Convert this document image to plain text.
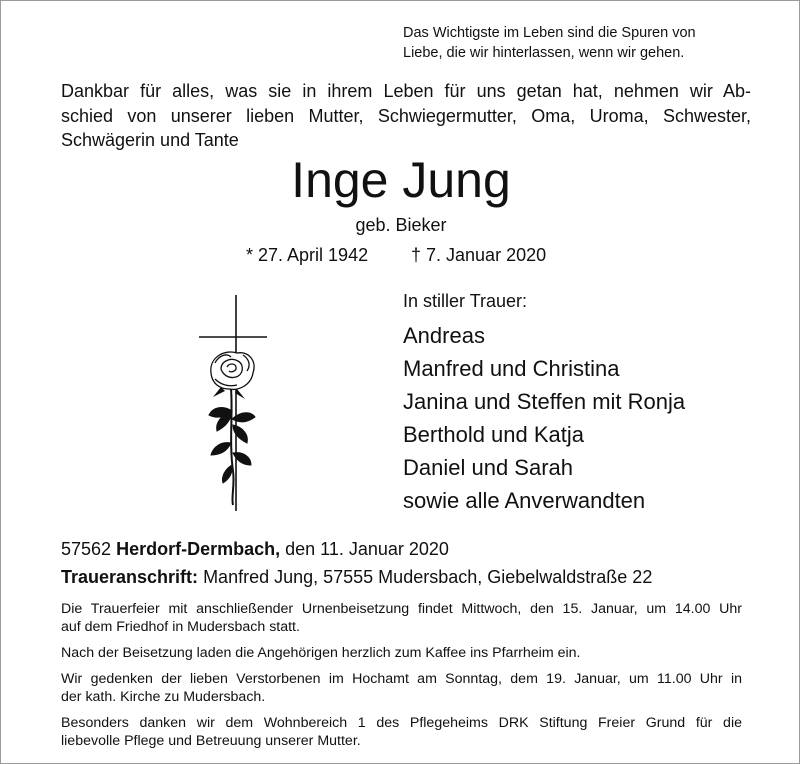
Das Wichtigste im Leben sind die Spuren von
Liebe, die wir hinterlassen, wenn wir gehen.
Dankbar für alles, was sie in ihrem Leben für uns getan hat, nehmen wir Ab-
schied von unserer lieben Mutter, Schwiegermutter, Oma, Uroma, Schwester,
Schwägerin und Tante
Inge Jung
geb. Bieker
* 27. April 1942 † 7. Januar 2020
In stiller Trauer:
Andreas
Manfred und Christina
Janina und Steffen mit Ronja
Berthold und Katja
Daniel und Sarah
sowie alle Anverwandten
57562 Herdorf-Dermbach, den 11. Januar 2020
Traueranschrift: Manfred Jung, 57555 Mudersbach, Giebelwaldstraße 22

Die Trauerfeier mit anschließender Urnenbeisetzung findet Mittwoch, den 15. Januar, um 14.00 Uhr
auf dem Friedhof in Mudersbach statt.

Nach der Beisetzung laden die Angehörigen herzlich zum Kaffee ins Pfarrheim ein.

Wir gedenken der lieben Verstorbenen im Hochamt am Sonntag, dem 19. Januar, um 11.00 Uhr in
der kath. Kirche zu Mudersbach.

Besonders danken wir dem Wohnbereich 1 des Pflegeheims DRK Stiftung Freier Grund für die
liebevolle Pflege und Betreuung unserer Mutter.
